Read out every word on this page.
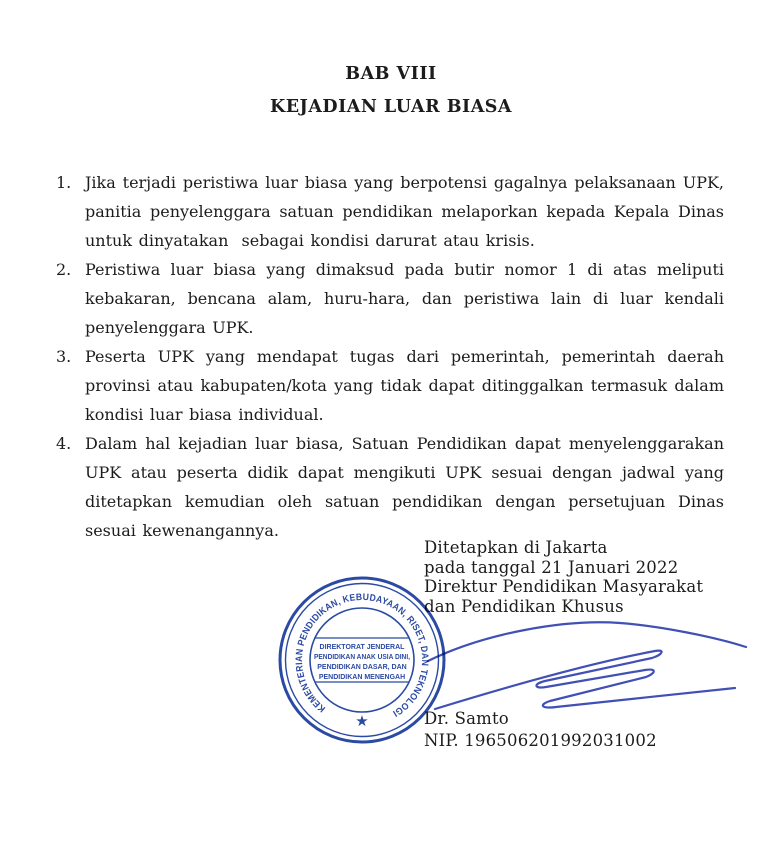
BAB VIII
KEJADIAN LUAR BIASA
1. Jika terjadi peristiwa luar biasa yang berpotensi gagalnya pelaksanaan UPK, panitia penyelenggara satuan pendidikan melaporkan kepada Kepala Dinas untuk dinyatakan  sebagai kondisi darurat atau krisis.
2. Peristiwa luar biasa yang dimaksud pada butir nomor 1 di atas meliputi kebakaran, bencana alam, huru-hara, dan peristiwa lain di luar kendali penyelenggara UPK.
3. Peserta UPK yang mendapat tugas dari pemerintah, pemerintah daerah provinsi atau kabupaten/kota yang tidak dapat ditinggalkan termasuk dalam kondisi luar biasa individual.
4. Dalam hal kejadian luar biasa, Satuan Pendidikan dapat menyelenggarakan UPK atau peserta didik dapat mengikuti UPK sesuai dengan jadwal yang ditetapkan kemudian oleh satuan pendidikan dengan persetujuan Dinas sesuai kewenangannya.
Ditetapkan di Jakarta
pada tanggal 21 Januari 2022
Direktur Pendidikan Masyarakat
dan Pendidikan Khusus
KEMENTERIAN PENDIDIKAN, KEBUDAYAAN, RISET, DAN TEKNOLOGI
DIREKTORAT JENDERAL
PENDIDIKAN ANAK USIA DINI,
PENDIDIKAN DASAR, DAN
PENDIDIKAN MENENGAH
★	Dr. Samto
NIP. 196506201992031002
